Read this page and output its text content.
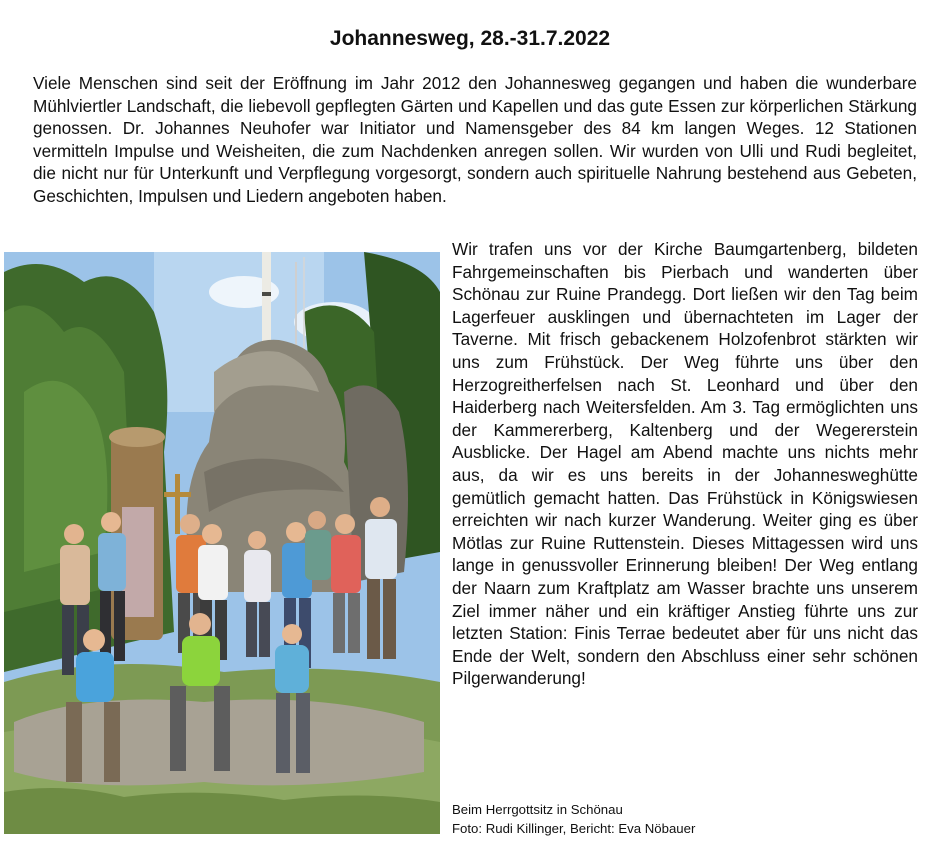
Johannesweg, 28.-31.7.2022

Viele Menschen sind seit der Eröffnung im Jahr 2012 den Johannesweg gegangen und haben die wunderbare Mühlviertler Landschaft, die liebevoll gepflegten Gärten und Kapellen und das gute Essen zur körperlichen Stärkung genossen. Dr. Johannes Neuhofer war Initiator und Namensgeber des 84 km langen Weges. 12 Stationen vermitteln Impulse und Weisheiten, die zum Nachdenken anregen sollen. Wir wurden von Ulli und Rudi begleitet, die nicht nur für Unterkunft und Verpflegung vorgesorgt, sondern auch spirituelle Nahrung bestehend aus Gebeten, Geschichten, Impulsen und Liedern angeboten haben.

Wir trafen uns vor der Kirche Baumgartenberg, bildeten Fahrgemeinschaften bis Pierbach und wanderten über Schönau zur Ruine Prandegg. Dort ließen wir den Tag beim Lagerfeuer ausklingen und übernachteten im Lager der Taverne. Mit frisch gebackenem Holzofenbrot stärkten wir uns zum Frühstück. Der Weg führte uns über den Herzogreitherfelsen nach St. Leonhard und über den Haiderberg nach Weitersfelden. Am 3. Tag ermöglichten uns der Kammererberg, Kaltenberg und der Wegererstein Ausblicke. Der Hagel am Abend machte uns nichts mehr aus, da wir es uns bereits in der Johannesweghütte gemütlich gemacht hatten. Das Frühstück in Königswiesen erreichten wir nach kurzer Wanderung. Weiter ging es über Mötlas zur Ruine Ruttenstein. Dieses Mittagessen wird uns lange in genussvoller Erinnerung bleiben! Der Weg entlang der Naarn zum Kraftplatz am Wasser brachte uns unserem Ziel immer näher und ein kräftiger Anstieg führte uns zur letzten Station: Finis Terrae bedeutet aber für uns nicht das Ende der Welt, sondern den Abschluss einer sehr schönen Pilgerwanderung!

Beim Herrgottsitz in Schönau
Foto: Rudi Killinger, Bericht: Eva Nöbauer
